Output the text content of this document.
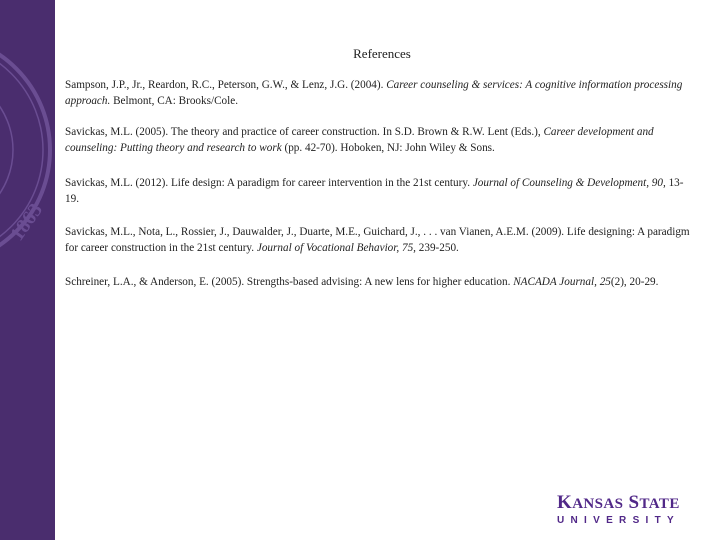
1863
References

Sampson, J.P., Jr., Reardon, R.C., Peterson, G.W., & Lenz, J.G. (2004). Career counseling & services: A cognitive information processing approach. Belmont, CA: Brooks/Cole.

Savickas, M.L. (2005). The theory and practice of career construction. In S.D. Brown & R.W. Lent (Eds.), Career development and counseling: Putting theory and research to work (pp. 42-70). Hoboken, NJ: John Wiley & Sons.

Savickas, M.L. (2012). Life design: A paradigm for career intervention in the 21st century. Journal of Counseling & Development, 90, 13-19.

Savickas, M.L., Nota, L., Rossier, J., Dauwalder, J., Duarte, M.E., Guichard, J., . . . van Vianen, A.E.M. (2009). Life designing: A paradigm for career construction in the 21st century. Journal of Vocational Behavior, 75, 239-250.

Schreiner, L.A., & Anderson, E. (2005). Strengths-based advising: A new lens for higher education. NACADA Journal, 25(2), 20-29.

KANSAS STATE
UNIVERSITY
